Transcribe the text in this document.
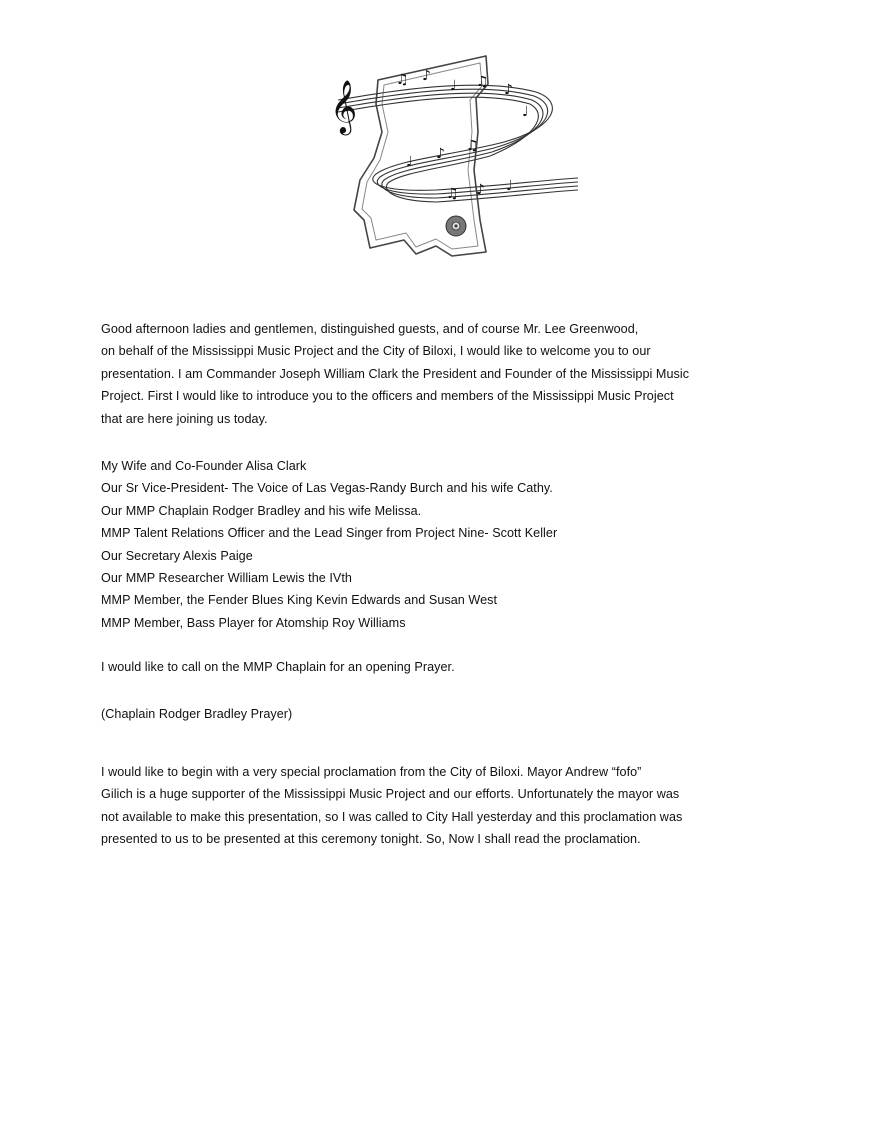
𝄞	♫ ♪
♩ ♫ ♪
♩
♫
♪
♩
♫ ♪ ♩
Good afternoon ladies and gentlemen, distinguished guests, and of course Mr. Lee Greenwood,
on behalf of the Mississippi Music Project and the City of Biloxi, I would like to welcome you to our
presentation. I am Commander Joseph William Clark the President and Founder of the Mississippi Music
Project. First I would like to introduce you to the officers and members of the Mississippi Music Project
that are here joining us today.
My Wife and Co-Founder Alisa Clark
Our Sr Vice-President- The Voice of Las Vegas-Randy Burch and his wife Cathy.
Our MMP Chaplain Rodger Bradley and his wife Melissa.
MMP Talent Relations Officer and the Lead Singer from Project Nine- Scott Keller
Our Secretary Alexis Paige
Our MMP Researcher William Lewis the IVth
MMP Member, the Fender Blues King Kevin Edwards and Susan West
MMP Member, Bass Player for Atomship Roy Williams
I would like to call on the MMP Chaplain for an opening Prayer.
(Chaplain Rodger Bradley Prayer)
I would like to begin with a very special proclamation from the City of Biloxi. Mayor Andrew “fofo”
Gilich is a huge supporter of the Mississippi Music Project and our efforts. Unfortunately the mayor was
not available to make this presentation, so I was called to City Hall yesterday and this proclamation was
presented to us to be presented at this ceremony tonight. So, Now I shall read the proclamation.
